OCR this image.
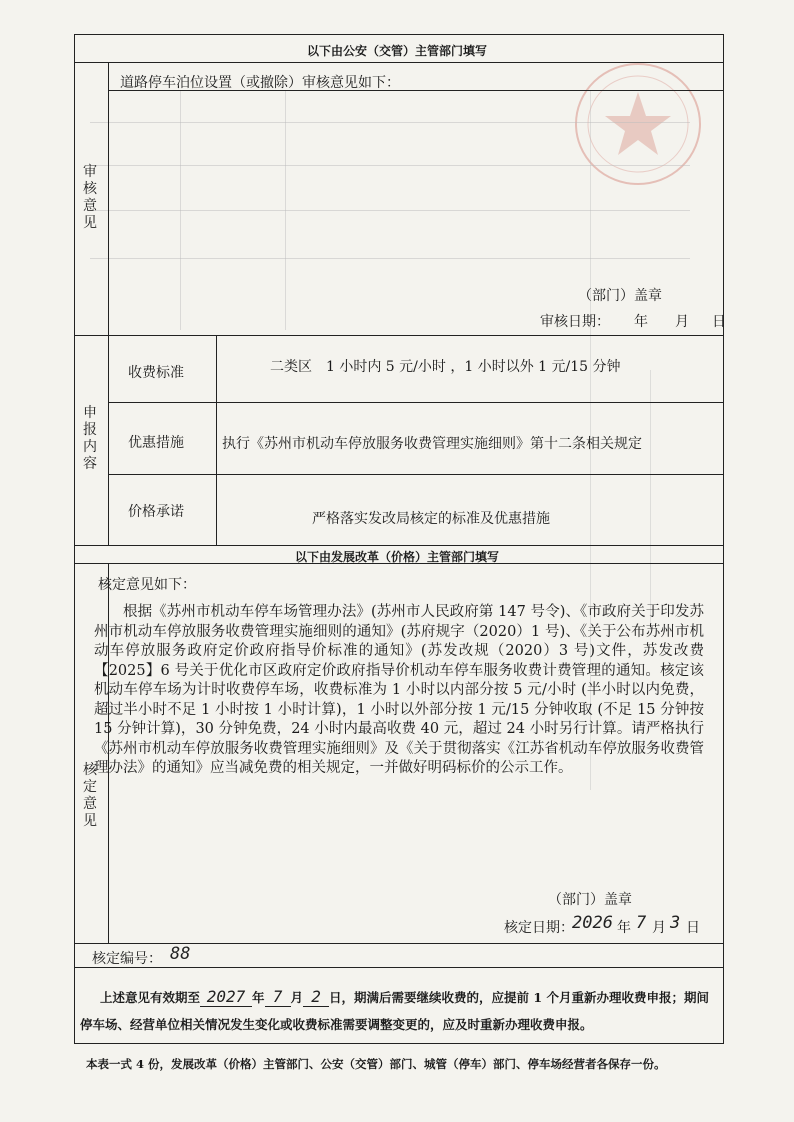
以下由公安（交管）主管部门填写
道路停车泊位设置（或撤除）审核意见如下：
审核意见
（部门）盖章
审核日期： 年 月 日
申报内容
收费标准	二类区　1 小时内 5 元/小时 ，1 小时以外 1 元/15 分钟
优惠措施	执行《苏州市机动车停放服务收费管理实施细则》第十二条相关规定
价格承诺	严格落实发改局核定的标准及优惠措施
以下由发展改革（价格）主管部门填写
核定意见如下：
核定意见
根据《苏州市机动车停车场管理办法》(苏州市人民政府第 147 号令)、《市政府关于印发苏州市机动车停放服务收费管理实施细则的通知》(苏府规字（2020）1 号)、《关于公布苏州市机动车停放服务政府定价政府指导价标准的通知》(苏发改规（2020）3 号)文件，苏发改费【2025】6 号关于优化市区政府定价政府指导价机动车停车服务收费计费管理的通知。核定该机动车停车场为计时收费停车场，收费标准为 1 小时以内部分按 5 元/小时 (半小时以内免费，超过半小时不足 1 小时按 1 小时计算)，1 小时以外部分按 1 元/15 分钟收取 (不足 15 分钟按 15 分钟计算)，30 分钟免费，24 小时内最高收费 40 元，超过 24 小时另行计算。请严格执行《苏州市机动车停放服务收费管理实施细则》及《关于贯彻落实《江苏省机动车停放服务收费管理办法》的通知》应当减免费的相关规定，一并做好明码标价的公示工作。
（部门）盖章
核定日期：
2026 年 7 月 3 日
核定编号： 88
上述意见有效期至 2027 年 7 月 2 日，期满后需要继续收费的，应提前 1 个月重新办理收费申报；期间
停车场、经营单位相关情况发生变化或收费标准需要调整变更的，应及时重新办理收费申报。
本表一式 4 份，发展改革（价格）主管部门、公安（交管）部门、城管（停车）部门、停车场经营者各保存一份。
